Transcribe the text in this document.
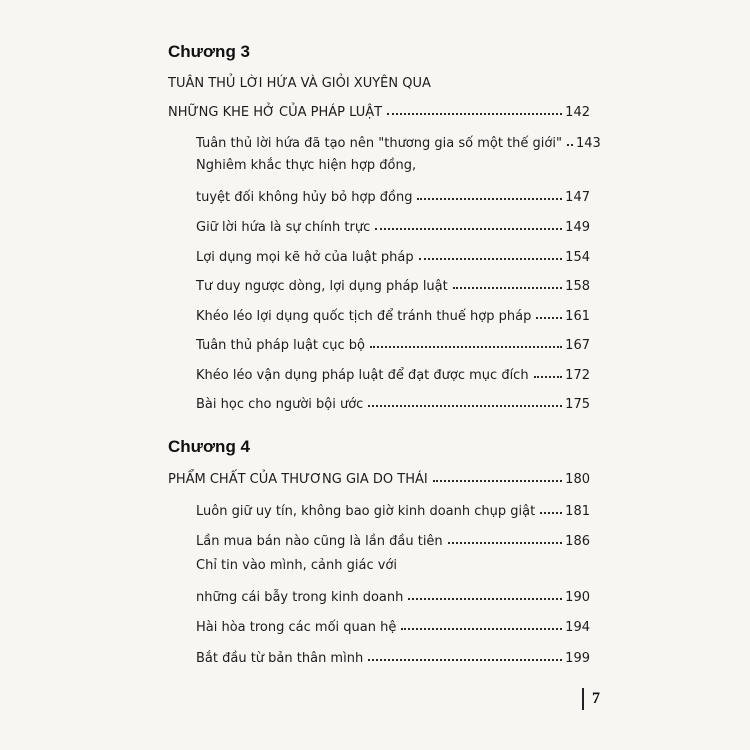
Chương 3
TUÂN THỦ LỜI HỨA VÀ GIỎI XUYÊN QUA
NHỮNG KHE HỞ CỦA PHÁP LUẬT	142
Tuân thủ lời hứa đã tạo nên "thương gia số một thế giới" 143
Nghiêm khắc thực hiện hợp đồng,
tuyệt đối không hủy bỏ hợp đồng	147
Giữ lời hứa là sự chính trực	149
Lợi dụng mọi kẽ hở của luật pháp	154
Tư duy ngược dòng, lợi dụng pháp luật	158
Khéo léo lợi dụng quốc tịch để tránh thuế hợp pháp	161
Tuân thủ pháp luật cục bộ	167
Khéo léo vận dụng pháp luật để đạt được mục đích	172
Bài học cho người bội ước	175
Chương 4
PHẨM CHẤT CỦA THƯƠNG GIA DO THÁI	180
Luôn giữ uy tín, không bao giờ kinh doanh chụp giật 181
Lần mua bán nào cũng là lần đầu tiên	186
Chỉ tin vào mình, cảnh giác với
những cái bẫy trong kinh doanh	190
Hài hòa trong các mối quan hệ	194
Bắt đầu từ bản thân mình	199
7
